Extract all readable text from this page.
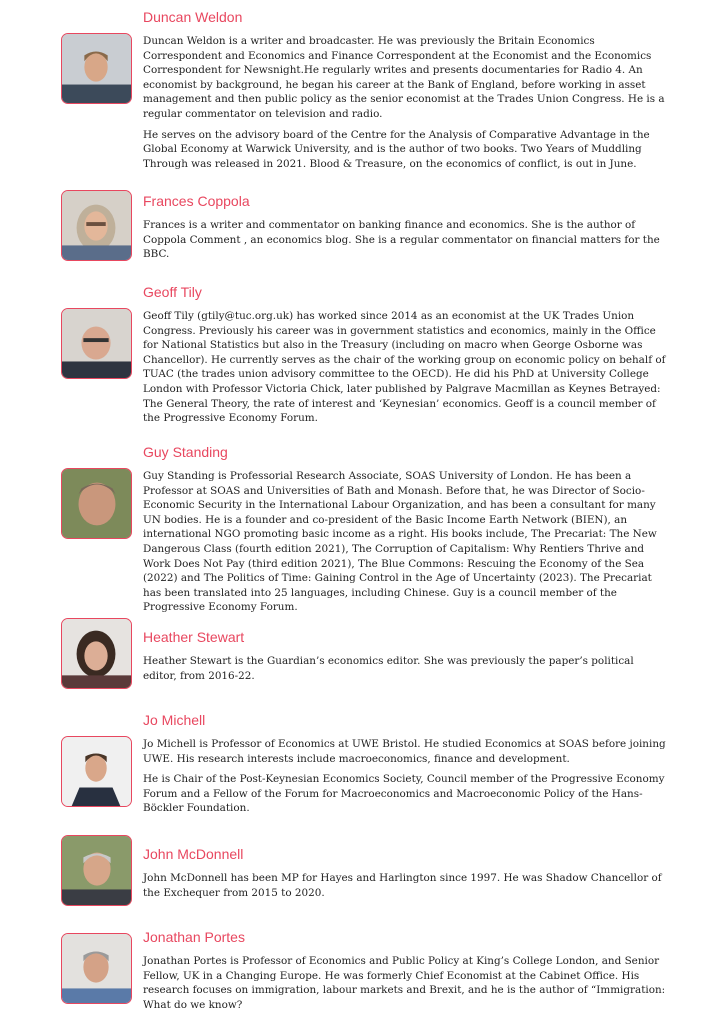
Duncan Weldon

Duncan Weldon is a writer and broadcaster. He was previously the Britain Economics Correspondent and Economics and Finance Correspondent at the Economist and the Economics Correspondent for Newsnight.He regularly writes and presents documentaries for Radio 4. An economist by background, he began his career at the Bank of England, before working in asset management and then public policy as the senior economist at the Trades Union Congress. He is a regular commentator on television and radio.

He serves on the advisory board of the Centre for the Analysis of Comparative Advantage in the Global Economy at Warwick University, and is the author of two books. Two Years of Muddling Through was released in 2021. Blood & Treasure, on the economics of conflict, is out in June.

Frances Coppola

Frances is a writer and commentator on banking finance and economics. She is the author of Coppola Comment , an economics blog. She is a regular commentator on financial matters for the BBC.

Geoff Tily

Geoff Tily (gtily@tuc.org.uk) has worked since 2014 as an economist at the UK Trades Union Congress. Previously his career was in government statistics and economics, mainly in the Office for National Statistics but also in the Treasury (including on macro when George Osborne was Chancellor). He currently serves as the chair of the working group on economic policy on behalf of TUAC (the trades union advisory committee to the OECD). He did his PhD at University College London with Professor Victoria Chick, later published by Palgrave Macmillan as Keynes Betrayed: The General Theory, the rate of interest and ‘Keynesian’ economics. Geoff is a council member of the Progressive Economy Forum.

Guy Standing

Guy Standing is Professorial Research Associate, SOAS University of London. He has been a Professor at SOAS and Universities of Bath and Monash. Before that, he was Director of Socio-Economic Security in the International Labour Organization, and has been a consultant for many UN bodies. He is a founder and co-president of the Basic Income Earth Network (BIEN), an international NGO promoting basic income as a right. His books include, The Precariat: The New Dangerous Class (fourth edition 2021), The Corruption of Capitalism: Why Rentiers Thrive and Work Does Not Pay (third edition 2021), The Blue Commons: Rescuing the Economy of the Sea (2022) and The Politics of Time: Gaining Control in the Age of Uncertainty (2023). The Precariat has been translated into 25 languages, including Chinese. Guy is a council member of the Progressive Economy Forum.

Heather Stewart

Heather Stewart is the Guardian’s economics editor. She was previously the paper’s political editor, from 2016-22.

Jo Michell

Jo Michell is Professor of Economics at UWE Bristol. He studied Economics at SOAS before joining UWE. His research interests include macroeconomics, finance and development.

He is Chair of the Post-Keynesian Economics Society, Council member of the Progressive Economy Forum and a Fellow of the Forum for Macroeconomics and Macroeconomic Policy of the Hans-Böckler Foundation.

John McDonnell

John McDonnell has been MP for Hayes and Harlington since 1997. He was Shadow Chancellor of the Exchequer from 2015 to 2020.

Jonathan Portes

Jonathan Portes is Professor of Economics and Public Policy at King’s College London, and Senior Fellow, UK in a Changing Europe. He was formerly Chief Economist at the Cabinet Office. His research focuses on immigration, labour markets and Brexit, and he is the author of “Immigration: What do we know?
